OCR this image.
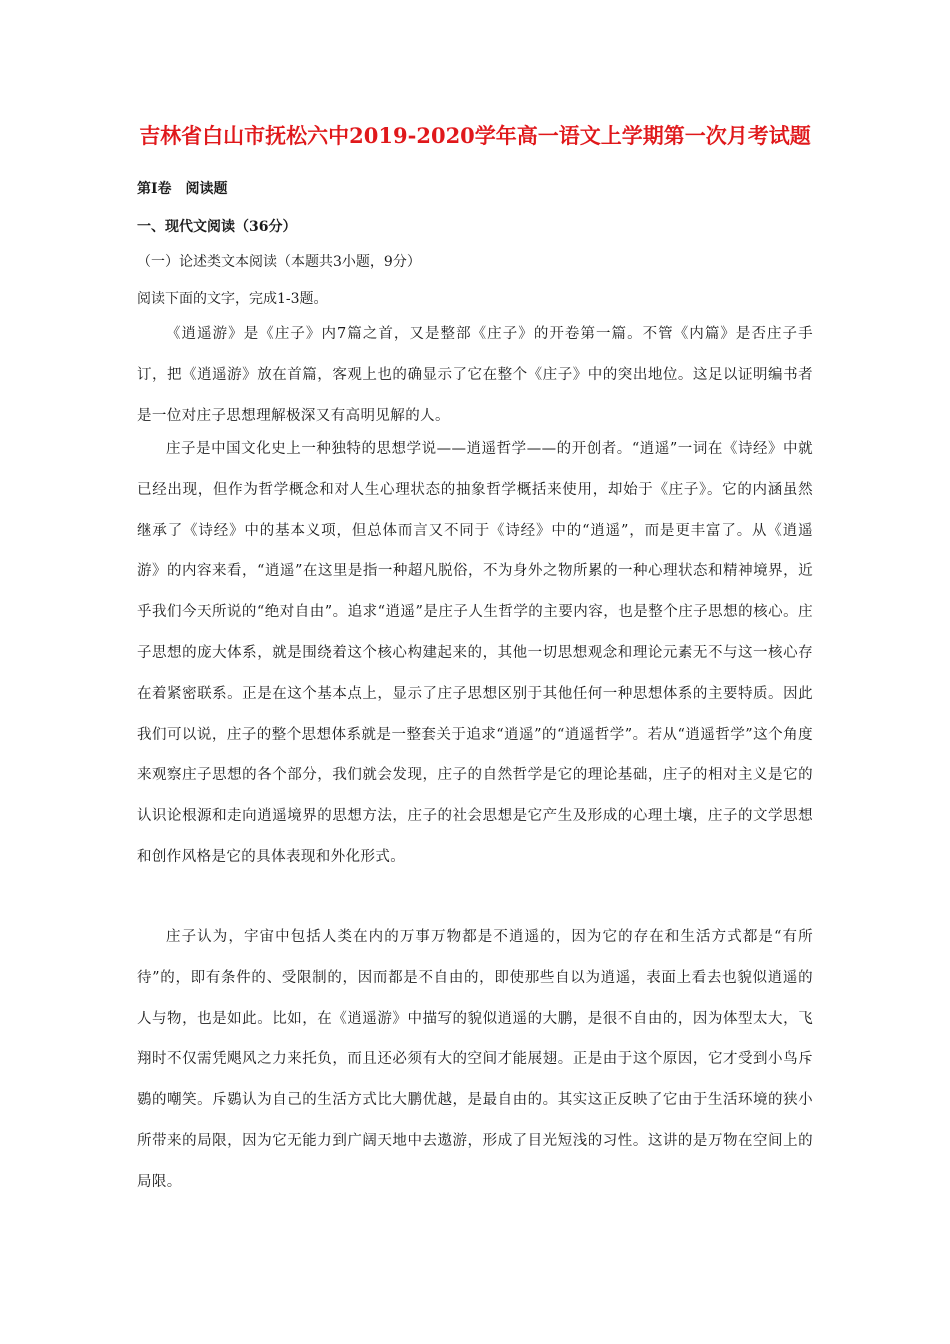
吉林省白山市抚松六中2019-2020学年高一语文上学期第一次月考试题

第Ⅰ卷　阅读题

一、现代文阅读（36分）

（一）论述类文本阅读（本题共3小题，9分）

阅读下面的文字，完成1-3题。

《逍遥游》是《庄子》内7篇之首，又是整部《庄子》的开卷第一篇。不管《内篇》是否庄子手订，把《逍遥游》放在首篇，客观上也的确显示了它在整个《庄子》中的突出地位。这足以证明编书者是一位对庄子思想理解极深又有高明见解的人。

庄子是中国文化史上一种独特的思想学说——逍遥哲学——的开创者。“逍遥”一词在《诗经》中就已经出现，但作为哲学概念和对人生心理状态的抽象哲学概括来使用，却始于《庄子》。它的内涵虽然继承了《诗经》中的基本义项，但总体而言又不同于《诗经》中的“逍遥”，而是更丰富了。从《逍遥游》的内容来看，“逍遥”在这里是指一种超凡脱俗，不为身外之物所累的一种心理状态和精神境界，近乎我们今天所说的“绝对自由”。追求“逍遥”是庄子人生哲学的主要内容，也是整个庄子思想的核心。庄子思想的庞大体系，就是围绕着这个核心构建起来的，其他一切思想观念和理论元素无不与这一核心存在着紧密联系。正是在这个基本点上，显示了庄子思想区别于其他任何一种思想体系的主要特质。因此我们可以说，庄子的整个思想体系就是一整套关于追求“逍遥”的“逍遥哲学”。若从“逍遥哲学”这个角度来观察庄子思想的各个部分，我们就会发现，庄子的自然哲学是它的理论基础，庄子的相对主义是它的认识论根源和走向逍遥境界的思想方法，庄子的社会思想是它产生及形成的心理土壤，庄子的文学思想和创作风格是它的具体表现和外化形式。

庄子认为，宇宙中包括人类在内的万事万物都是不逍遥的，因为它的存在和生活方式都是“有所待”的，即有条件的、受限制的，因而都是不自由的，即使那些自以为逍遥，表面上看去也貌似逍遥的人与物，也是如此。比如，在《逍遥游》中描写的貌似逍遥的大鹏，是很不自由的，因为体型太大，飞翔时不仅需凭飓风之力来托负，而且还必须有大的空间才能展翅。正是由于这个原因，它才受到小鸟斥鷃的嘲笑。斥鷃认为自己的生活方式比大鹏优越，是最自由的。其实这正反映了它由于生活环境的狭小所带来的局限，因为它无能力到广阔天地中去遨游，形成了目光短浅的习性。这讲的是万物在空间上的局限。
